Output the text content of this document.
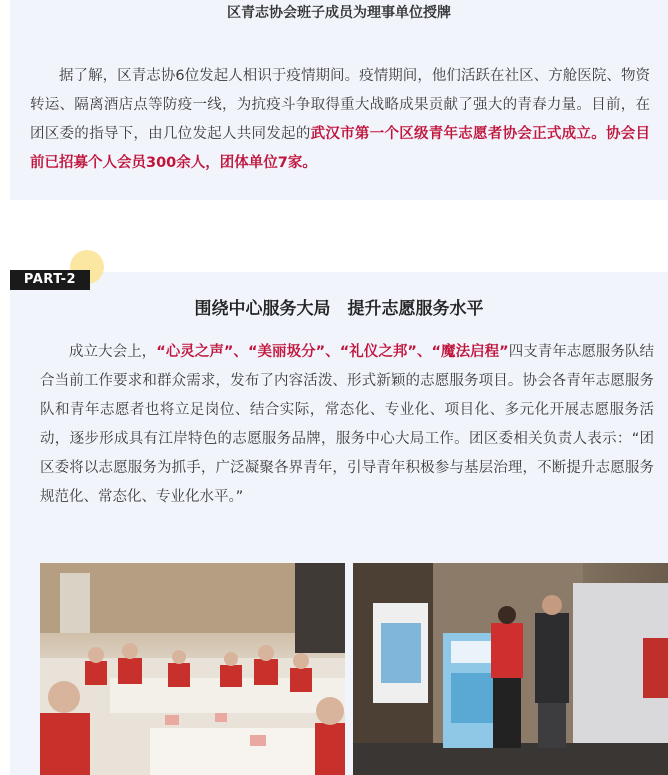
区青志协会班子成员为理事单位授牌

据了解，区青志协6位发起人相识于疫情期间。疫情期间，他们活跃在社区、方舱医院、物资转运、隔离酒店点等防疫一线，为抗疫斗争取得重大战略成果贡献了强大的青春力量。目前，在团区委的指导下，由几位发起人共同发起的武汉市第一个区级青年志愿者协会正式成立。协会目前已招募个人会员300余人，团体单位7家。

PART-2
围绕中心服务大局　提升志愿服务水平

成立大会上，“心灵之声”、“美丽圾分”、“礼仪之邦”、“魔法启程”四支青年志愿服务队结合当前工作要求和群众需求，发布了内容活泼、形式新颖的志愿服务项目。协会各青年志愿服务队和青年志愿者也将立足岗位、结合实际，常态化、专业化、项目化、多元化开展志愿服务活动，逐步形成具有江岸特色的志愿服务品牌，服务中心大局工作。团区委相关负责人表示：“团区委将以志愿服务为抓手，广泛凝聚各界青年，引导青年积极参与基层治理，不断提升志愿服务规范化、常态化、专业化水平。”
